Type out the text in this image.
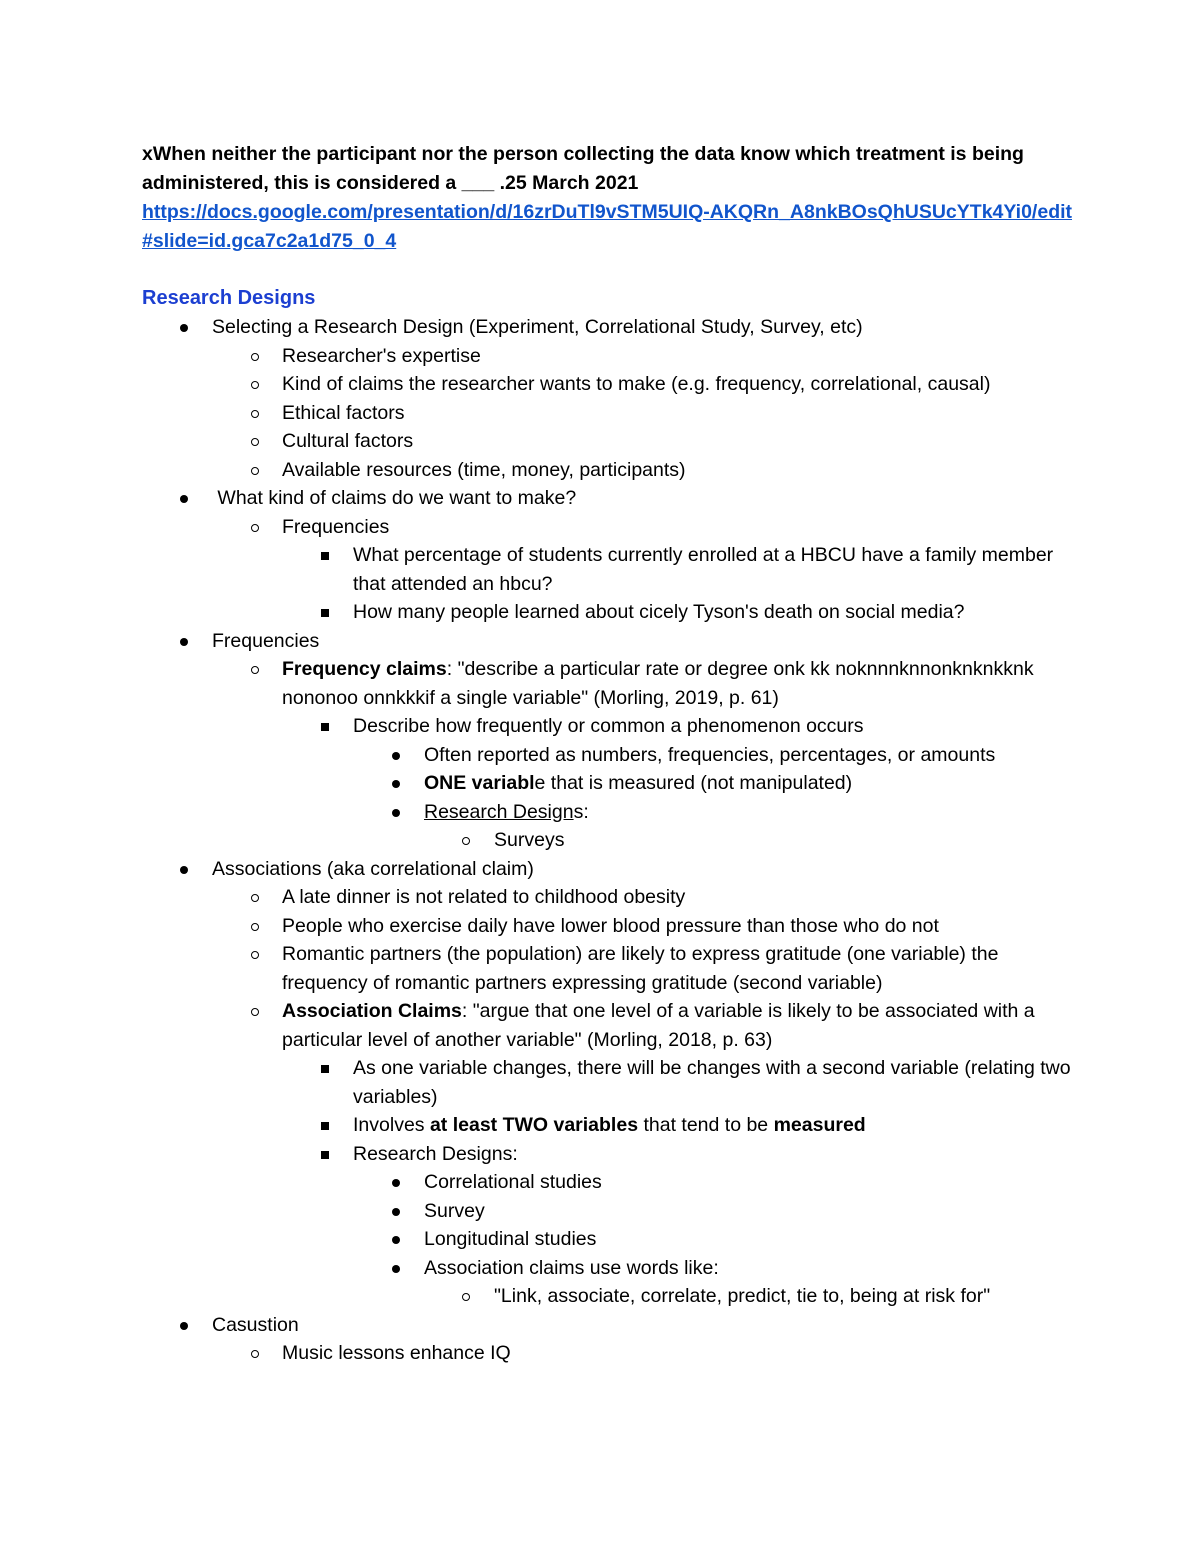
xWhen neither the participant nor the person collecting the data know which treatment is being administered, this is considered a ___ .25 March 2021
https://docs.google.com/presentation/d/16zrDuTl9vSTM5UIQ-AKQRn_A8nkBOsQhUSUcYTk4Yi0/edit#slide=id.gca7c2a1d75_0_4
Research Designs
Selecting a Research Design (Experiment, Correlational Study, Survey, etc)
Researcher's expertise
Kind of claims the researcher wants to make (e.g. frequency, correlational, causal)
Ethical factors
Cultural factors
Available resources (time, money, participants)
What kind of claims do we want to make?
Frequencies
What percentage of students currently enrolled at a HBCU have a family member that attended an hbcu?
How many people learned about cicely Tyson's death on social media?
Frequencies
Frequency claims: "describe a particular rate or degree onk kk noknnnknnonknknkknk nononoo onnkkkif a single variable" (Morling, 2019, p. 61)
Describe how frequently or common a phenomenon occurs
Often reported as numbers, frequencies, percentages, or amounts
ONE variable that is measured (not manipulated)
Research Designs:
Surveys
Associations (aka correlational claim)
A late dinner is not related to childhood obesity
People who exercise daily have lower blood pressure than those who do not
Romantic partners (the population) are likely to express gratitude (one variable) the frequency of romantic partners expressing gratitude (second variable)
Association Claims: "argue that one level of a variable is likely to be associated with a particular level of another variable" (Morling, 2018, p. 63)
As one variable changes, there will be changes with a second variable (relating two variables)
Involves at least TWO variables that tend to be measured
Research Designs:
Correlational studies
Survey
Longitudinal studies
Association claims use words like:
"Link, associate, correlate, predict, tie to, being at risk for"
Casustion
Music lessons enhance IQ
